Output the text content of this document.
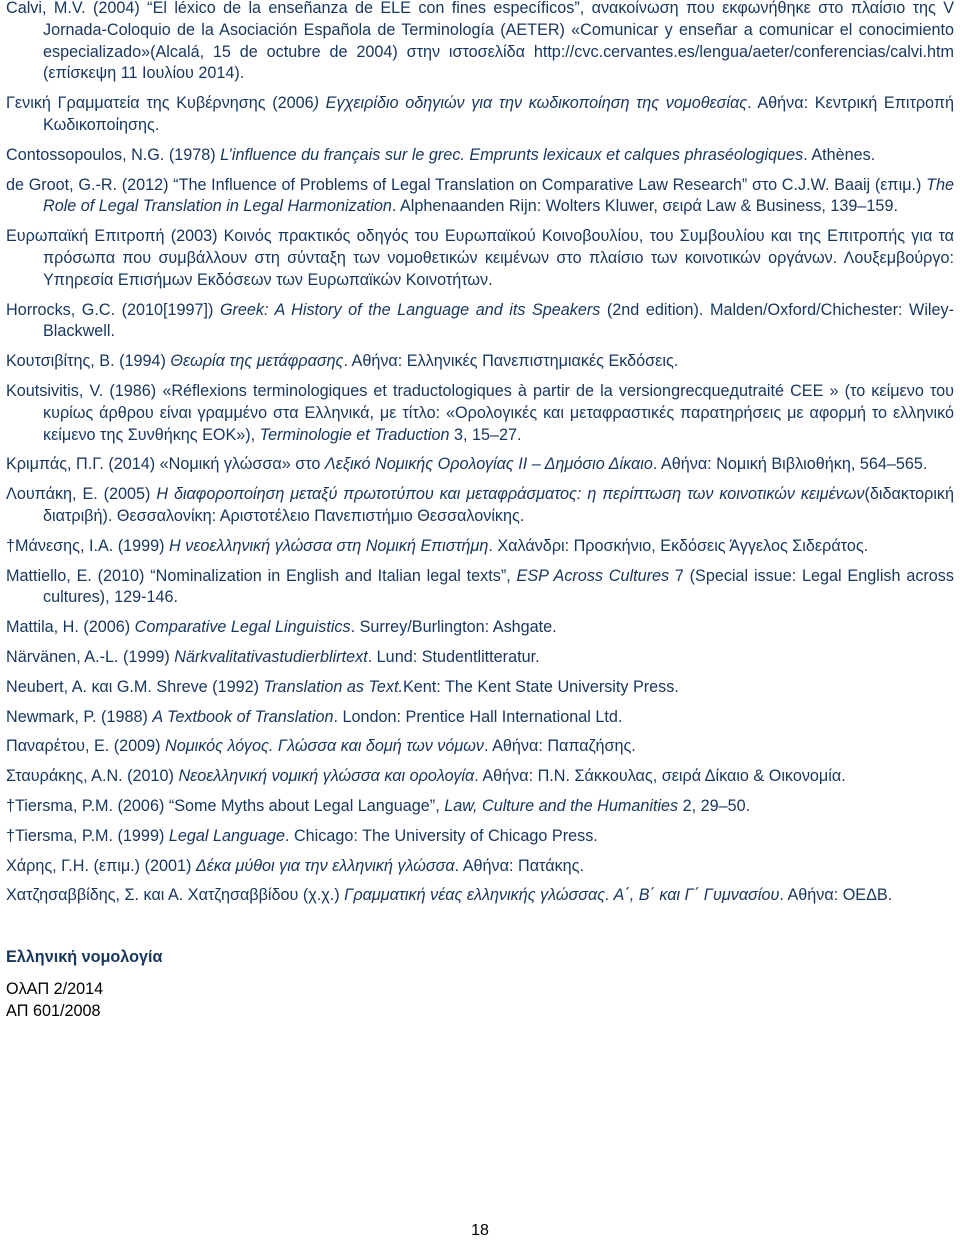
Calvi, M.V. (2004) “El léxico de la enseñanza de ELE con fines específicos”, ανακοίνωση που εκφωνήθηκε στο πλαίσιο της V Jornada-Coloquio de la Asociación Española de Terminología (AETER) «Comunicar y enseñar a comunicar el conocimiento especializado»(Alcalá, 15 de octubre de 2004) στην ιστοσελίδα http://cvc.cervantes.es/lengua/aeter/conferencias/calvi.htm (επίσκεψη 11 Ιουλίου 2014).

Γενική Γραμματεία της Κυβέρνησης (2006) Εγχειρίδιο οδηγιών για την κωδικοποίηση της νομοθεσίας. Αθήνα: Κεντρική Επιτροπή Κωδικοποίησης.

Contossopoulos, N.G. (1978) L’influence du français sur le grec. Emprunts lexicaux et calques phraséologiques. Athènes.

de Groot, G.-R. (2012) “The Influence of Problems of Legal Translation on Comparative Law Research” στο C.J.W. Baaij (επιμ.) The Role of Legal Translation in Legal Harmonization. Alphenaanden Rijn: Wolters Kluwer, σειρά Law & Business, 139–159.

Ευρωπαϊκή Επιτροπή (2003) Κοινός πρακτικός οδηγός του Ευρωπαϊκού Κοινοβουλίου, του Συμβουλίου και της Επιτροπής για τα πρόσωπα που συμβάλλουν στη σύνταξη των νομοθετικών κειμένων στο πλαίσιο των κοινοτικών οργάνων. Λουξεμβούργο: Υπηρεσία Επισήμων Εκδόσεων των Ευρωπαϊκών Κοινοτήτων.

Horrocks, G.C. (2010[1997]) Greek: A History of the Language and its Speakers (2nd edition). Malden/Oxford/Chichester: Wiley-Blackwell.

Κουτσιβίτης, Β. (1994) Θεωρία της μετάφρασης. Αθήνα: Ελληνικές Πανεπιστημιακές Εκδόσεις.

Koutsivitis, V. (1986) «Réflexions terminologiques et traductologiques à partir de la versiongrecqueдutraité CEE » (το κείμενο του κυρίως άρθρου είναι γραμμένο στα Ελληνικά, με τίτλο: «Ορολογικές και μεταφραστικές παρατηρήσεις με αφορμή το ελληνικό κείμενο της Συνθήκης ΕΟΚ»), Terminologie et Traduction 3, 15–27.

Κριμπάς, Π.Γ. (2014) «Νομική γλώσσα» στο Λεξικό Νομικής Ορολογίας ΙΙ – Δημόσιο Δίκαιο. Αθήνα: Νομική Βιβλιοθήκη, 564–565.

Λουπάκη, Ε. (2005) Η διαφοροποίηση μεταξύ πρωτοτύπου και μεταφράσματος: η περίπτωση των κοινοτικών κειμένων(διδακτορική διατριβή). Θεσσαλονίκη: Αριστοτέλειο Πανεπιστήμιο Θεσσαλονίκης.

†Μάνεσης, Ι.Α. (1999) Η νεοελληνική γλώσσα στη Νομική Επιστήμη. Χαλάνδρι: Προσκήνιο, Εκδόσεις Άγγελος Σιδεράτος.

Mattiello, E. (2010) “Nominalization in English and Italian legal texts”, ESP Across Cultures 7 (Special issue: Legal English across cultures), 129-146.

Mattila, H. (2006) Comparative Legal Linguistics. Surrey/Burlington: Ashgate.

Närvänen, A.-L. (1999) Närkvalitativastudierblirtext. Lund: Studentlitteratur.

Neubert, A. και G.M. Shreve (1992) Translation as Text.Kent: The Kent State University Press.

Newmark, P. (1988) A Textbook of Translation. London: Prentice Hall International Ltd.

Παναρέτου, Ε. (2009) Νομικός λόγος. Γλώσσα και δομή των νόμων. Αθήνα: Παπαζήσης.

Σταυράκης, Α.Ν. (2010) Νεοελληνική νομική γλώσσα και ορολογία. Αθήνα: Π.Ν. Σάκκουλας, σειρά Δίκαιο & Οικονομία.

†Tiersma, P.M. (2006) “Some Myths about Legal Language”, Law, Culture and the Humanities 2, 29–50.

†Tiersma, P.M. (1999) Legal Language. Chicago: The University of Chicago Press.

Χάρης, Γ.Η. (επιμ.) (2001) Δέκα μύθοι για την ελληνική γλώσσα. Αθήνα: Πατάκης.

Χατζησαββίδης, Σ. και Α. Χατζησαββίδου (χ.χ.) Γραμματική νέας ελληνικής γλώσσας. Α΄, Β΄ και Γ΄ Γυμνασίου. Αθήνα: ΟΕΔΒ.

Ελληνική νομολογία

ΟλΑΠ 2/2014

ΑΠ 601/2008

18
